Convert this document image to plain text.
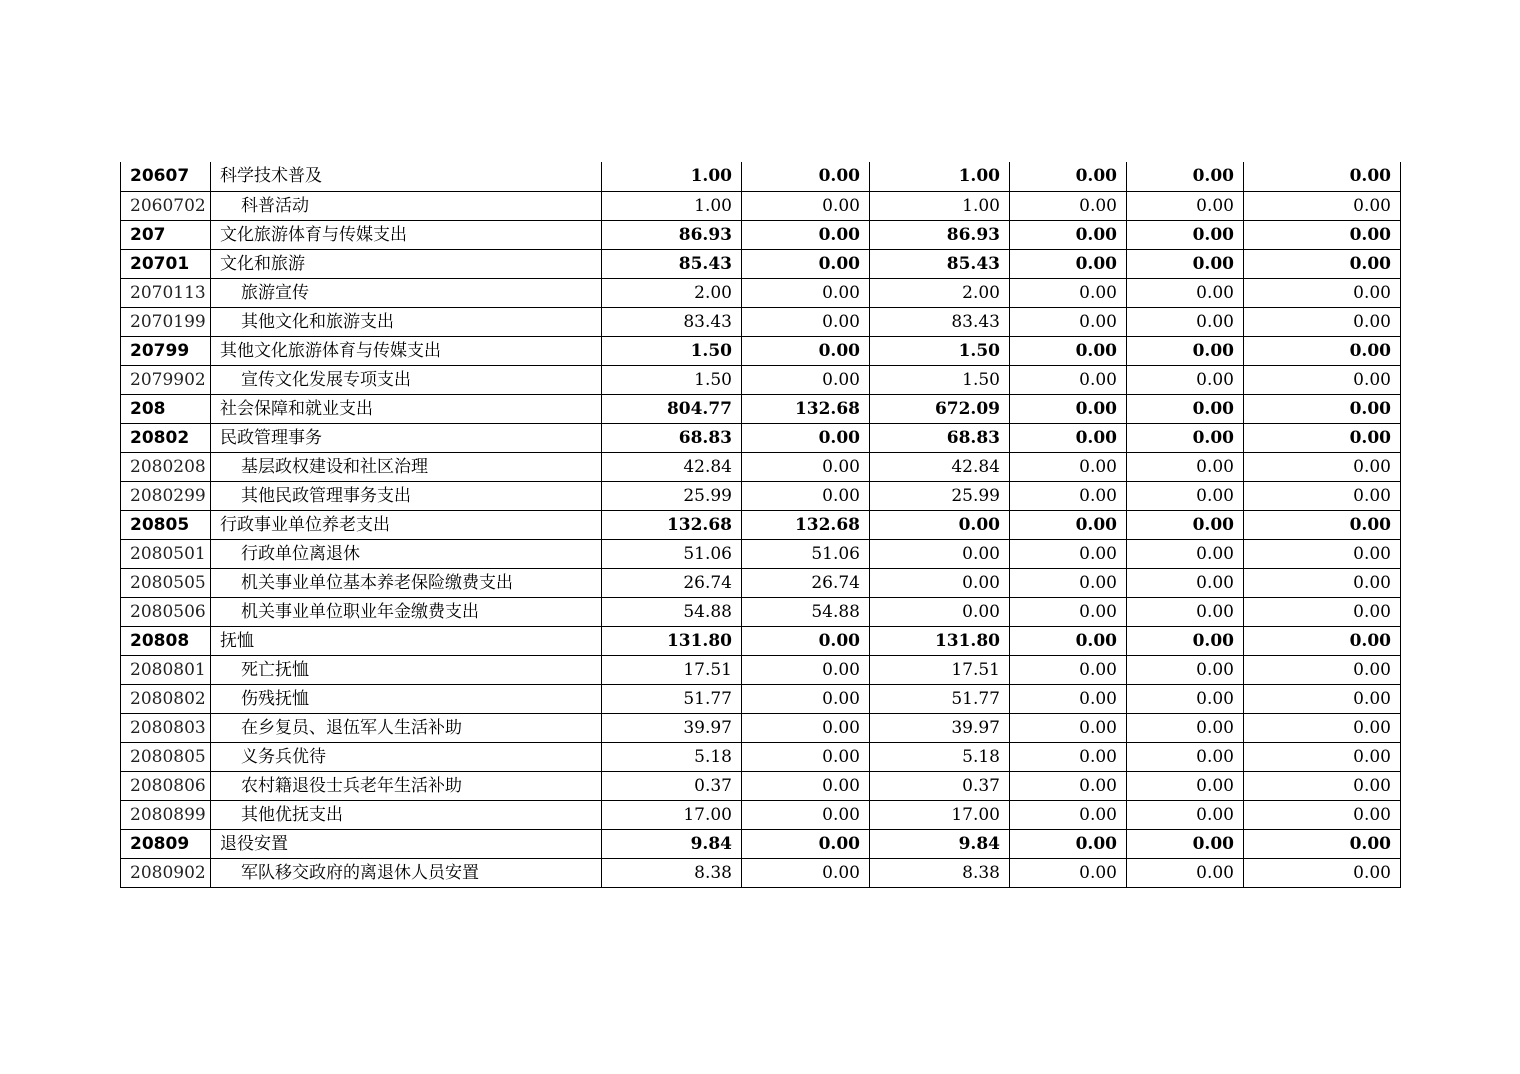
20607	科学技术普及	1.00	0.00	1.00	0.00	0.00	0.00
2060702	科普活动	1.00	0.00	1.00	0.00	0.00	0.00
207	文化旅游体育与传媒支出	86.93	0.00	86.93	0.00	0.00	0.00
20701	文化和旅游	85.43	0.00	85.43	0.00	0.00	0.00
2070113	旅游宣传	2.00	0.00	2.00	0.00	0.00	0.00
2070199	其他文化和旅游支出	83.43	0.00	83.43	0.00	0.00	0.00
20799	其他文化旅游体育与传媒支出	1.50	0.00	1.50	0.00	0.00	0.00
2079902	宣传文化发展专项支出	1.50	0.00	1.50	0.00	0.00	0.00
208	社会保障和就业支出	804.77	132.68	672.09	0.00	0.00	0.00
20802	民政管理事务	68.83	0.00	68.83	0.00	0.00	0.00
2080208	基层政权建设和社区治理	42.84	0.00	42.84	0.00	0.00	0.00
2080299	其他民政管理事务支出	25.99	0.00	25.99	0.00	0.00	0.00
20805	行政事业单位养老支出	132.68	132.68	0.00	0.00	0.00	0.00
2080501	行政单位离退休	51.06	51.06	0.00	0.00	0.00	0.00
2080505	机关事业单位基本养老保险缴费支出	26.74	26.74	0.00	0.00	0.00	0.00
2080506	机关事业单位职业年金缴费支出	54.88	54.88	0.00	0.00	0.00	0.00
20808	抚恤	131.80	0.00	131.80	0.00	0.00	0.00
2080801	死亡抚恤	17.51	0.00	17.51	0.00	0.00	0.00
2080802	伤残抚恤	51.77	0.00	51.77	0.00	0.00	0.00
2080803	在乡复员、退伍军人生活补助	39.97	0.00	39.97	0.00	0.00	0.00
2080805	义务兵优待	5.18	0.00	5.18	0.00	0.00	0.00
2080806	农村籍退役士兵老年生活补助	0.37	0.00	0.37	0.00	0.00	0.00
2080899	其他优抚支出	17.00	0.00	17.00	0.00	0.00	0.00
20809	退役安置	9.84	0.00	9.84	0.00	0.00	0.00
2080902	军队移交政府的离退休人员安置	8.38	0.00	8.38	0.00	0.00	0.00
